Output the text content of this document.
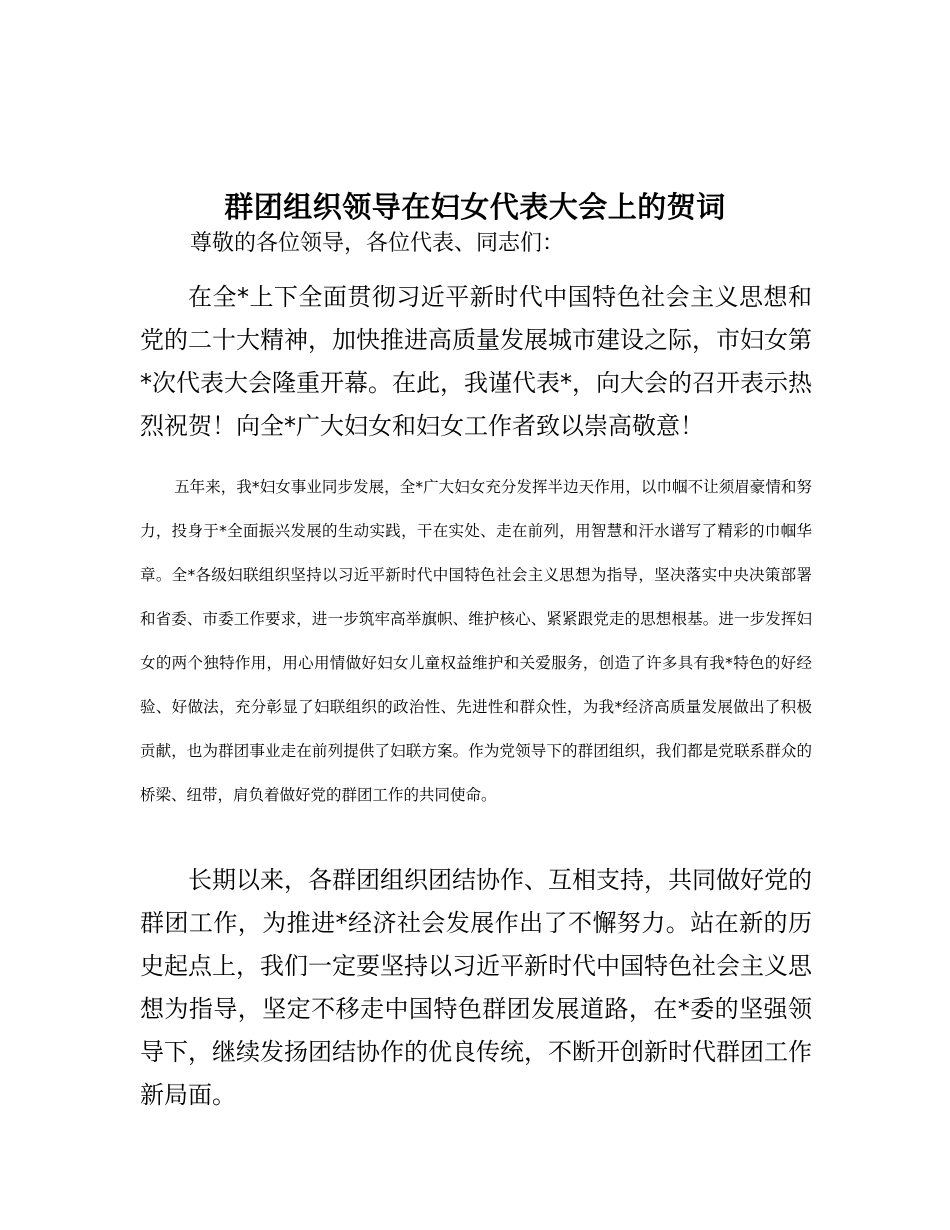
群团组织领导在妇女代表大会上的贺词
尊敬的各位领导，各位代表、同志们：

在全*上下全面贯彻习近平新时代中国特色社会主义思想和党的二十大精神，加快推进高质量发展城市建设之际，市妇女第*次代表大会隆重开幕。在此，我谨代表*，向大会的召开表示热烈祝贺！向全*广大妇女和妇女工作者致以崇高敬意！

五年来，我*妇女事业同步发展，全*广大妇女充分发挥半边天作用，以巾帼不让须眉豪情和努力，投身于*全面振兴发展的生动实践，干在实处、走在前列，用智慧和汗水谱写了精彩的巾帼华章。全*各级妇联组织坚持以习近平新时代中国特色社会主义思想为指导，坚决落实中央决策部署和省委、市委工作要求，进一步筑牢高举旗帜、维护核心、紧紧跟党走的思想根基。进一步发挥妇女的两个独特作用，用心用情做好妇女儿童权益维护和关爱服务，创造了许多具有我*特色的好经验、好做法，充分彰显了妇联组织的政治性、先进性和群众性，为我*经济高质量发展做出了积极贡献，也为群团事业走在前列提供了妇联方案。作为党领导下的群团组织，我们都是党联系群众的桥梁、纽带，肩负着做好党的群团工作的共同使命。

长期以来，各群团组织团结协作、互相支持，共同做好党的群团工作，为推进*经济社会发展作出了不懈努力。站在新的历史起点上，我们一定要坚持以习近平新时代中国特色社会主义思想为指导，坚定不移走中国特色群团发展道路，在*委的坚强领导下，继续发扬团结协作的优良传统，不断开创新时代群团工作新局面。
